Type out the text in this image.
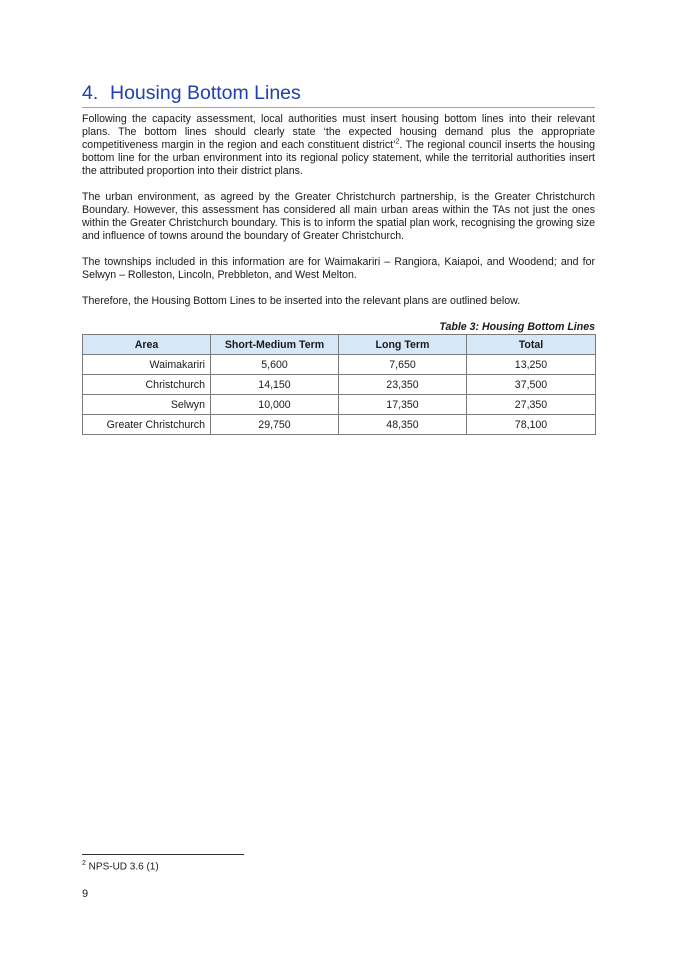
4. Housing Bottom Lines

Following the capacity assessment, local authorities must insert housing bottom lines into their relevant plans. The bottom lines should clearly state ‘the expected housing demand plus the appropriate competitiveness margin in the region and each constituent district’$^2$. The regional council inserts the housing bottom line for the urban environment into its regional policy statement, while the territorial authorities insert the attributed proportion into their district plans.

The urban environment, as agreed by the Greater Christchurch partnership, is the Greater Christchurch Boundary. However, this assessment has considered all main urban areas within the TAs not just the ones within the Greater Christchurch boundary. This is to inform the spatial plan work, recognising the growing size and influence of towns around the boundary of Greater Christchurch.

The townships included in this information are for Waimakariri – Rangiora, Kaiapoi, and Woodend; and for Selwyn – Rolleston, Lincoln, Prebbleton, and West Melton.

Therefore, the Housing Bottom Lines to be inserted into the relevant plans are outlined below.

Table 3: Housing Bottom Lines
Area	Short-Medium Term	Long Term	Total
Waimakariri	5,600	7,650	13,250
Christchurch	14,150	23,350	37,500
Selwyn	10,000	17,350	27,350
Greater Christchurch	29,750	48,350	78,100
$^2$ NPS-UD 3.6 (1)
9
